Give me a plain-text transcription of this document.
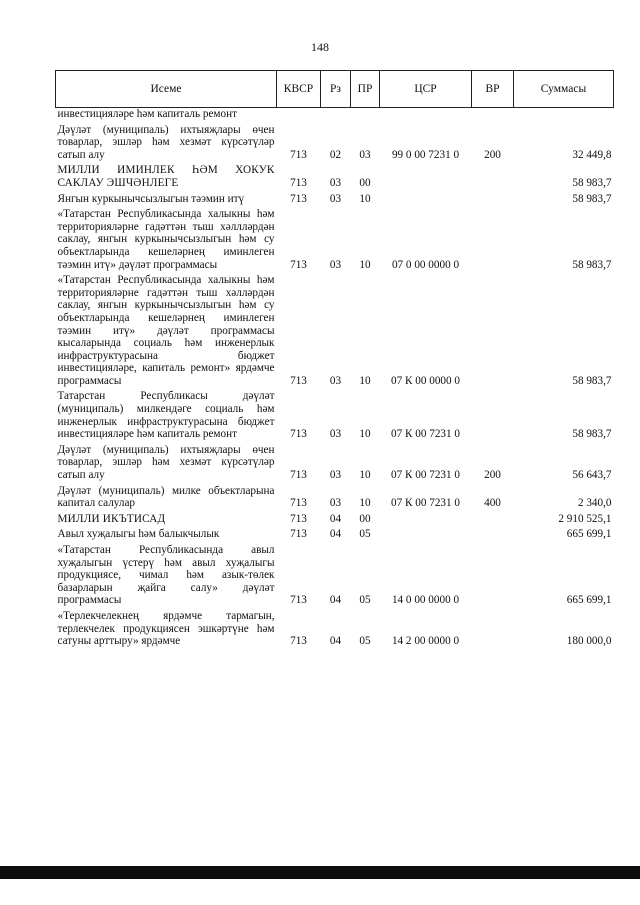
148
Исеме	КВСР	Рз	ПР	ЦСР	ВР	Суммасы
инвестицияләре һәм капиталь ремонт						
Дәүләт (муниципаль) ихтыяҗлары өчен товарлар, эшләр һәм хезмәт күрсәтүләр сатып алу	713	02	03	99 0 00 7231 0	200	32 449,8
МИЛЛИ ИМИНЛЕК ҺӘМ ХОКУК САКЛАУ ЭШЧӘНЛЕГЕ	713	03	00			58 983,7
Янгын куркынычсызлыгын тәэмин итү	713	03	10			58 983,7
«Татарстан Республикасында халыкны һәм территорияләрне гадәттән тыш хәллләрдән саклау, янгын куркынычсызлыгын һәм су объектларында кешеләрнең иминлеген тәэмин итү» дәүләт программасы	713	03	10	07 0 00 0000 0		58 983,7
«Татарстан Республикасында халыкны һәм территорияләрне гадәттән тыш хәлләрдән саклау, янгын куркынычсызлыгын һәм су объектларында кешеләрнең иминлеген тәэмин итү» дәүләт программасы кысаларында социаль һәм инженерлык инфраструктурасына бюджет инвестицияләре, капиталь ремонт» ярдәмче программасы	713	03	10	07 К 00 0000 0		58 983,7
Татарстан Республикасы дәүләт (муниципаль) милкендәге социаль һәм инженерлык инфраструктурасына бюджет инвестицияләре һәм капиталь ремонт	713	03	10	07 К 00 7231 0		58 983,7
Дәүләт (муниципаль) ихтыяҗлары өчен товарлар, эшләр һәм хезмәт күрсәтүләр сатып алу	713	03	10	07 К 00 7231 0	200	56 643,7
Дәүләт (муниципаль) милке объектларына капитал салулар	713	03	10	07 К 00 7231 0	400	2 340,0
МИЛЛИ ИКЪТИСАД	713	04	00			2 910 525,1
Авыл хуҗалыгы һәм балыкчылык	713	04	05			665 699,1
«Татарстан Республикасында авыл хуҗалыгын үстерү һәм авыл хуҗалыгы продукциясе, чимал һәм азык-төлек базарларын җайга салу» дәүләт программасы	713	04	05	14 0 00 0000 0		665 699,1
«Терлекчелекнең ярдәмче тармагын, терлекчелек продукциясен эшкәртүне һәм сатуны арттыру» ярдәмче	713	04	05	14 2 00 0000 0		180 000,0
